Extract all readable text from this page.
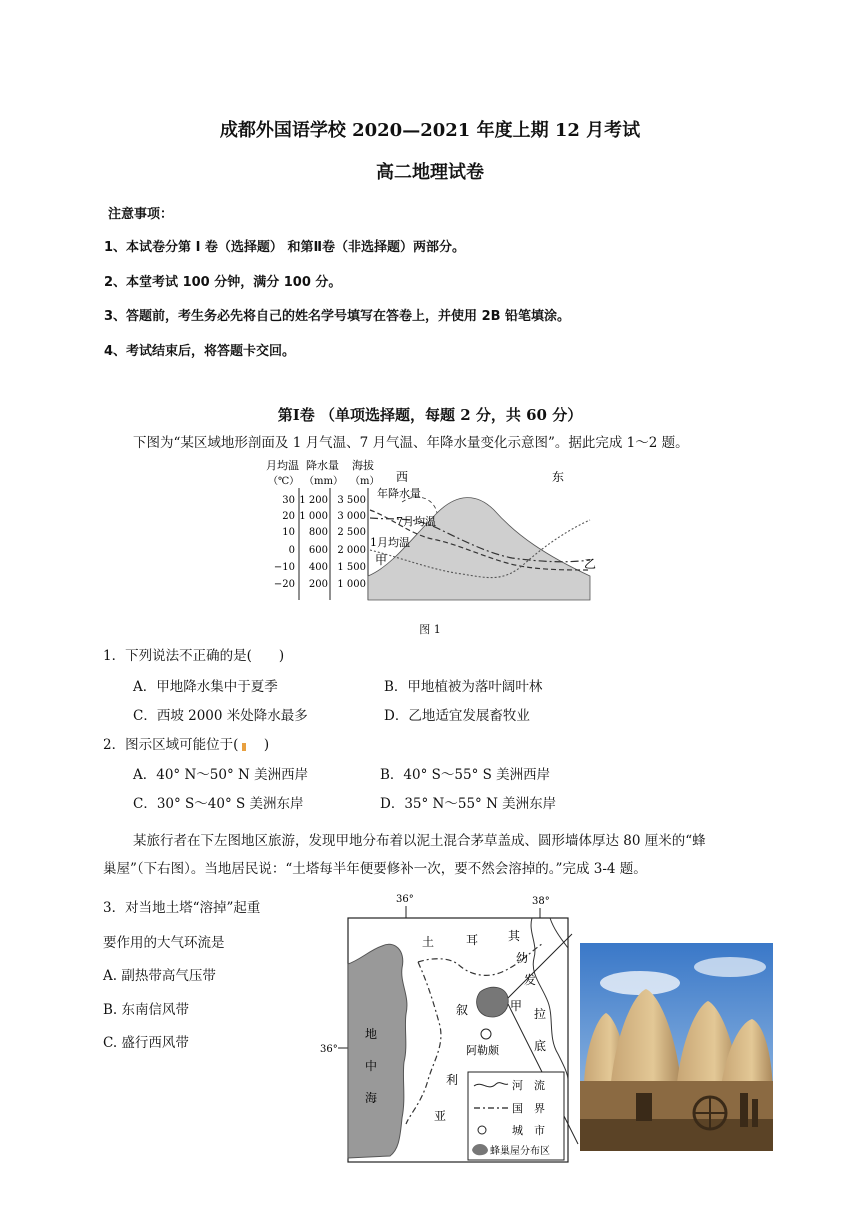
成都外国语学校 2020—2021 年度上期 12 月考试
高二地理试卷
注意事项：
1、本试卷分第 I 卷（选择题） 和第Ⅱ卷（非选择题）两部分。
2、本堂考试 100 分钟，满分 100 分。
3、答题前，考生务必先将自己的姓名学号填写在答卷上，并使用 2B 铅笔填涂。
4、考试结束后，将答题卡交回。
第Ⅰ卷 （单项选择题，每题 2 分，共 60 分）
下图为“某区域地形剖面及 1 月气温、7 月气温、年降水量变化示意图”。据此完成 1～2 题。
月均温 降水量 海拔
（℃） （mm） （m）
30
20
10
0
−10
−20
1 200
1 000
800
600
400
200
3 500
3 000
2 500
2 000
1 500
1 000
西	东
年降水量
7月均温
1月均温
甲	乙
图 1
1．下列说法不正确的是(　　)
A．甲地降水集中于夏季	B．甲地植被为落叶阔叶林
C．西坡 2000 米处降水最多	D．乙地适宜发展畜牧业
2．图示区域可能位于(　)
A．40° N～50° N 美洲西岸	B．40° S～55° S 美洲西岸
C．30° S～40° S 美洲东岸	D．35° N～55° N 美洲东岸
某旅行者在下左图地区旅游，发现甲地分布着以泥土混合茅草盖成、圆形墙体厚达 80 厘米的“蜂
巢屋”（下右图）。当地居民说：“土塔每半年便要修补一次，要不然会溶掉的。”完成 3-4 题。
3．对当地土塔“溶掉”起重
要作用的大气环流是
A. 副热带高气压带
B. 东南信风带
C. 盛行西风带
36°	38°
36°
地
中
海
土	耳 其
幼
发
拉
底
叙
利
亚
甲
阿勒颇
河　流
国　界
城　市
蜂巢屋分布区
